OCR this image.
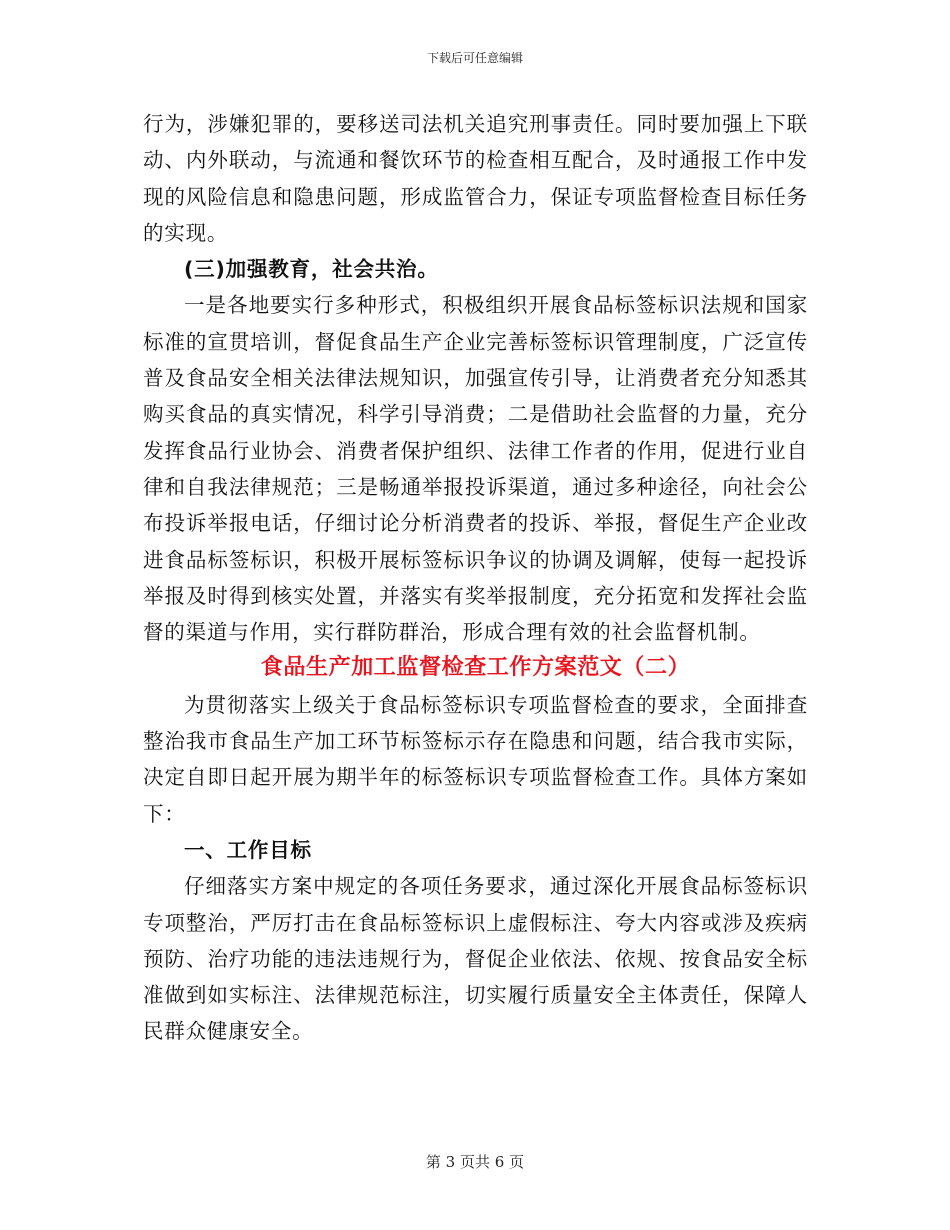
下载后可任意编辑

行为，涉嫌犯罪的，要移送司法机关追究刑事责任。同时要加强上下联动、内外联动，与流通和餐饮环节的检查相互配合，及时通报工作中发现的风险信息和隐患问题，形成监管合力，保证专项监督检查目标任务的实现。

(三)加强教育，社会共治。

一是各地要实行多种形式，积极组织开展食品标签标识法规和国家标准的宣贯培训，督促食品生产企业完善标签标识管理制度，广泛宣传普及食品安全相关法律法规知识，加强宣传引导，让消费者充分知悉其购买食品的真实情况，科学引导消费；二是借助社会监督的力量，充分发挥食品行业协会、消费者保护组织、法律工作者的作用，促进行业自律和自我法律规范；三是畅通举报投诉渠道，通过多种途径，向社会公布投诉举报电话，仔细讨论分析消费者的投诉、举报，督促生产企业改进食品标签标识，积极开展标签标识争议的协调及调解，使每一起投诉举报及时得到核实处置，并落实有奖举报制度，充分拓宽和发挥社会监督的渠道与作用，实行群防群治，形成合理有效的社会监督机制。

食品生产加工监督检查工作方案范文（二）

为贯彻落实上级关于食品标签标识专项监督检查的要求，全面排查整治我市食品生产加工环节标签标示存在隐患和问题，结合我市实际，决定自即日起开展为期半年的标签标识专项监督检查工作。具体方案如下：

一、工作目标

仔细落实方案中规定的各项任务要求，通过深化开展食品标签标识专项整治，严厉打击在食品标签标识上虚假标注、夸大内容或涉及疾病预防、治疗功能的违法违规行为，督促企业依法、依规、按食品安全标准做到如实标注、法律规范标注，切实履行质量安全主体责任，保障人民群众健康安全。

第 3 页共 6 页
